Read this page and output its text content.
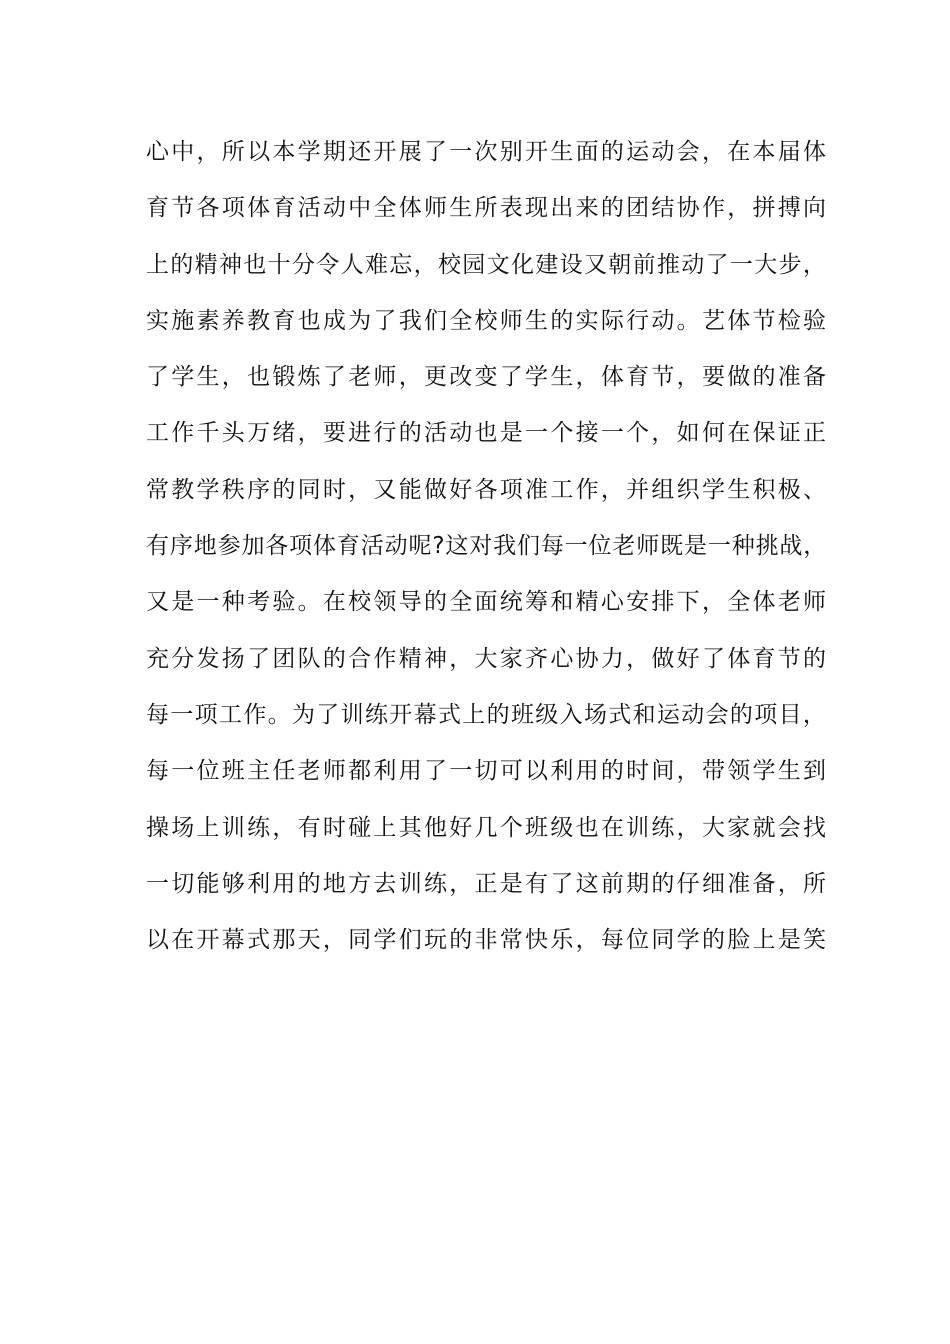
心中，所以本学期还开展了一次别开生面的运动会，在本届体
育节各项体育活动中全体师生所表现出来的团结协作，拼搏向
上的精神也十分令人难忘，校园文化建设又朝前推动了一大步，
实施素养教育也成为了我们全校师生的实际行动。艺体节检验
了学生，也锻炼了老师，更改变了学生，体育节，要做的准备
工作千头万绪，要进行的活动也是一个接一个，如何在保证正
常教学秩序的同时，又能做好各项准工作，并组织学生积极、
有序地参加各项体育活动呢?这对我们每一位老师既是一种挑战，
又是一种考验。在校领导的全面统筹和精心安排下，全体老师
充分发扬了团队的合作精神，大家齐心协力，做好了体育节的
每一项工作。为了训练开幕式上的班级入场式和运动会的项目，
每一位班主任老师都利用了一切可以利用的时间，带领学生到
操场上训练，有时碰上其他好几个班级也在训练，大家就会找
一切能够利用的地方去训练，正是有了这前期的仔细准备，所
以在开幕式那天，同学们玩的非常快乐，每位同学的脸上是笑
